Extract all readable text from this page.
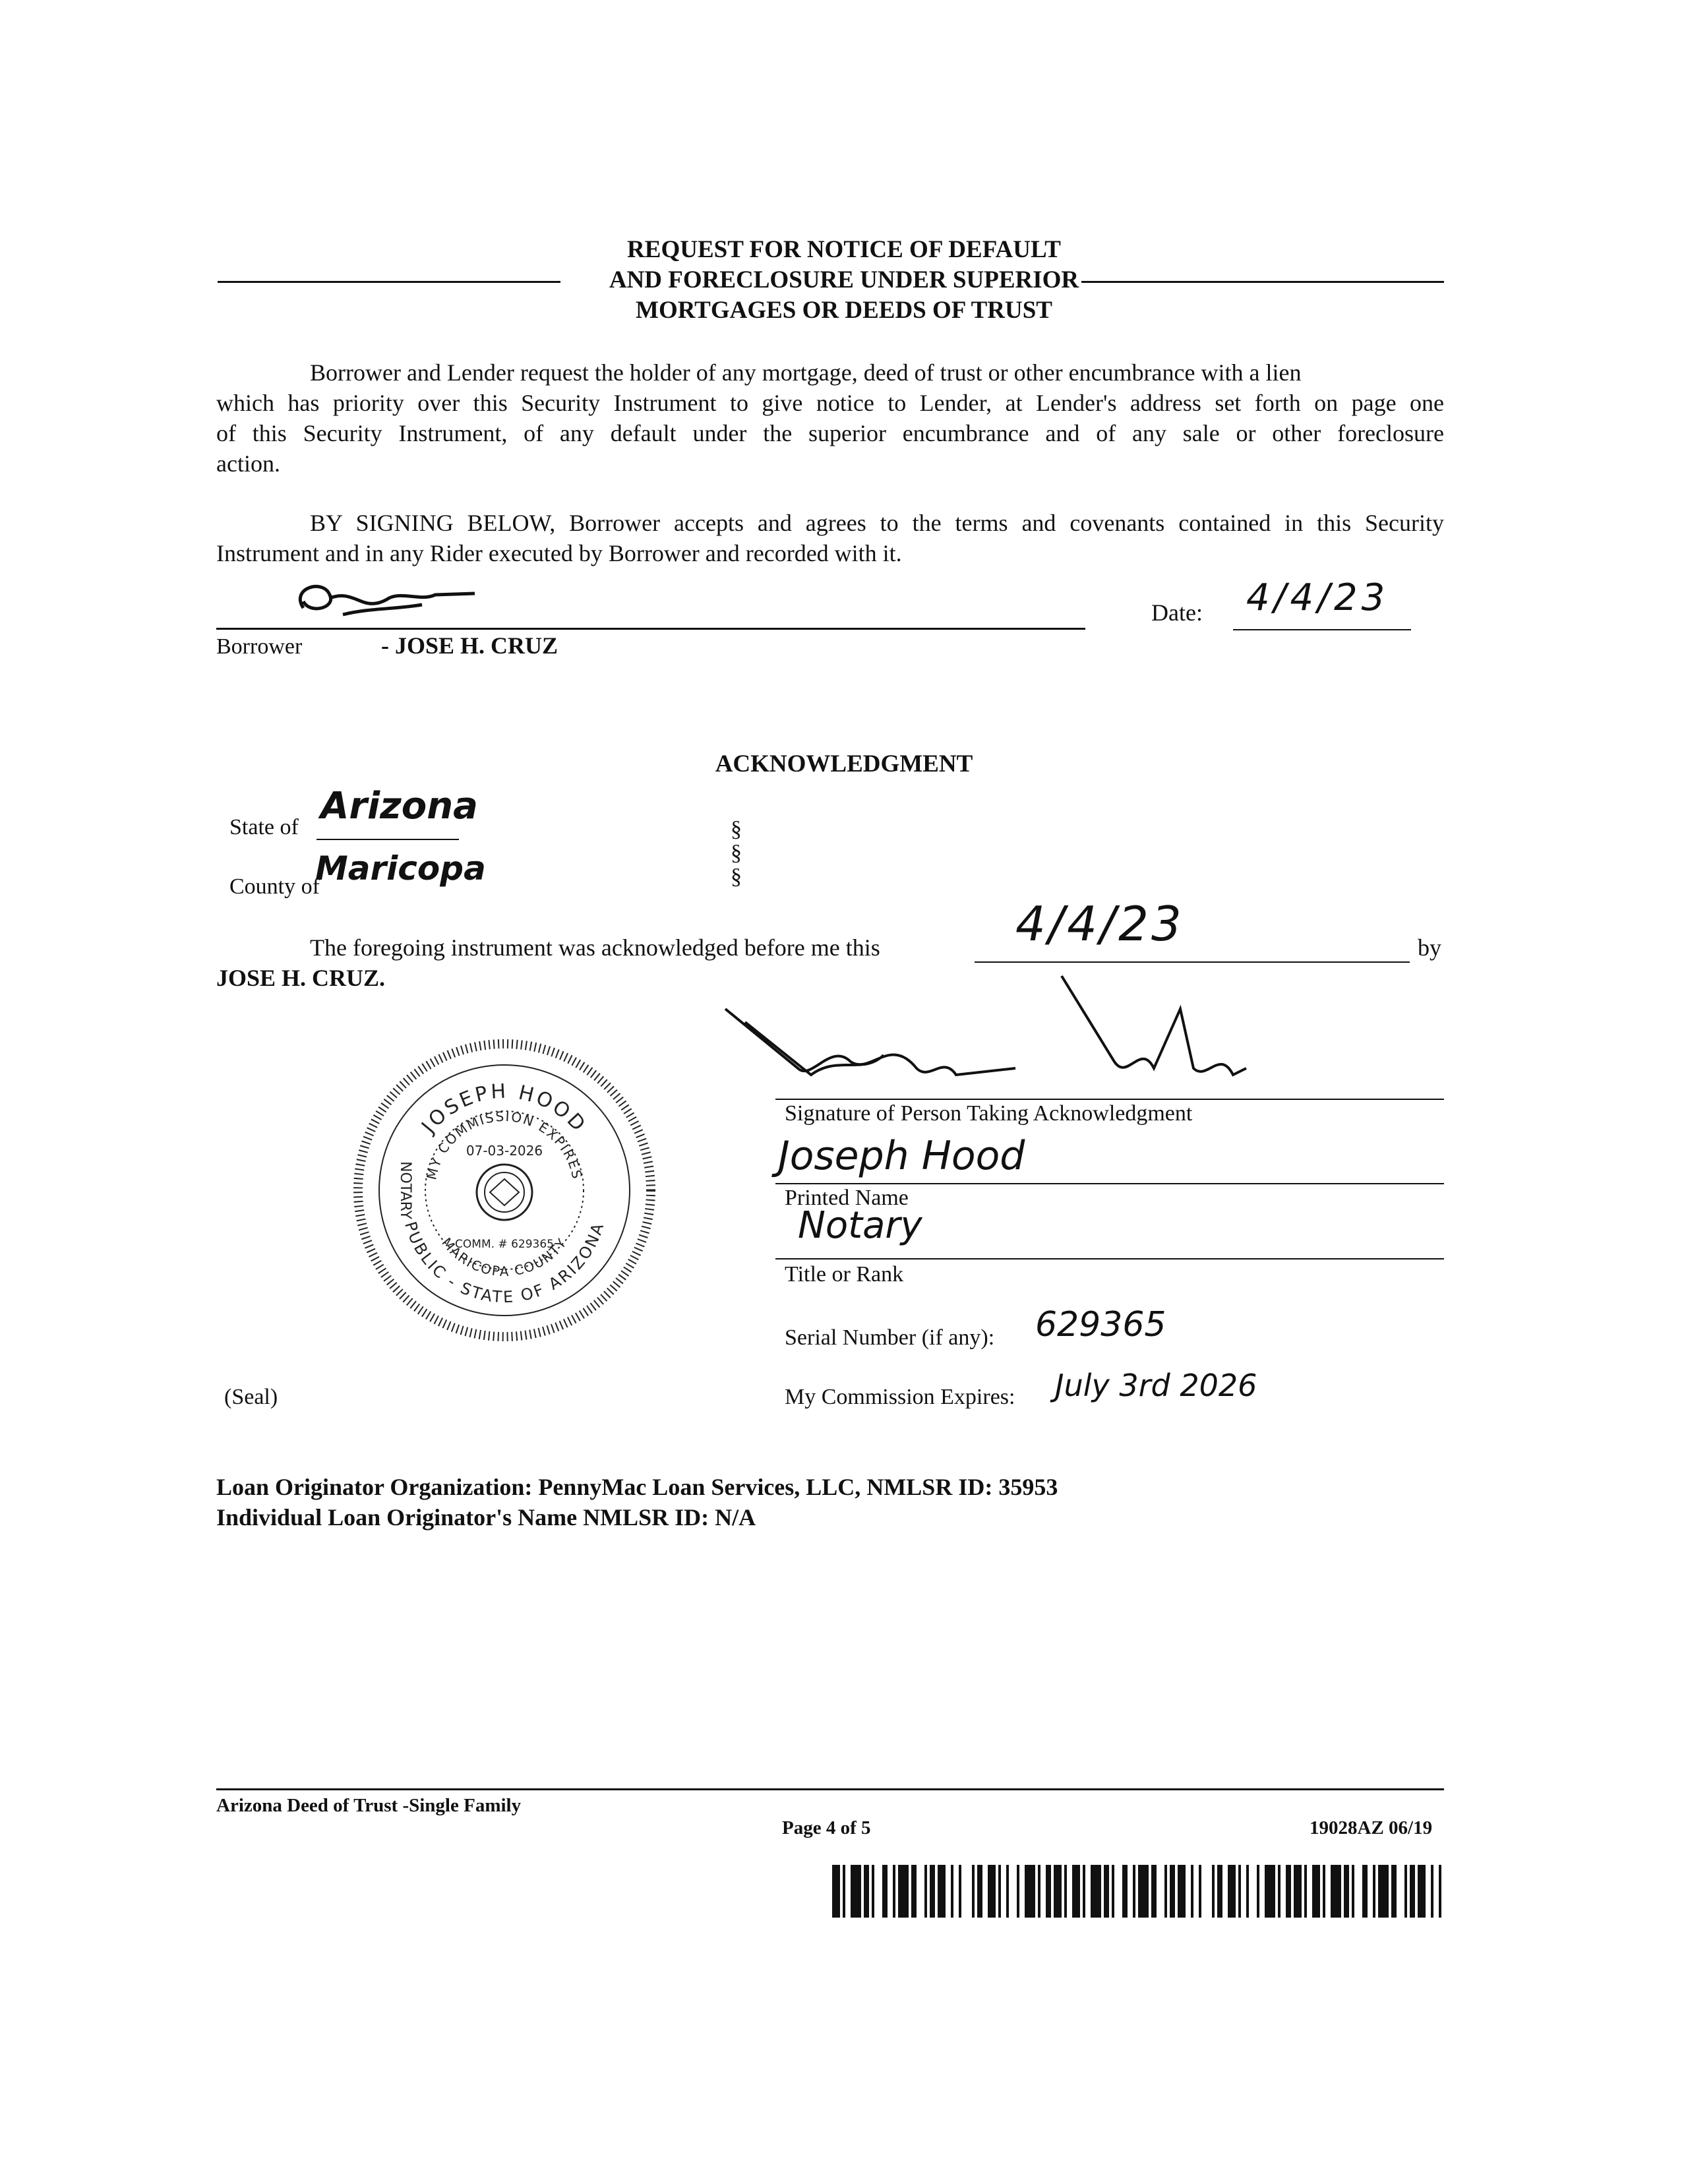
REQUEST FOR NOTICE OF DEFAULT
AND FORECLOSURE UNDER SUPERIOR
MORTGAGES OR DEEDS OF TRUST
Borrower and Lender request the holder of any mortgage, deed of trust or other encumbrance with a lien
which has priority over this Security Instrument to give notice to Lender, at Lender's address set forth on page one
of this Security Instrument, of any default under the superior encumbrance and of any sale or other foreclosure
action.
BY SIGNING BELOW, Borrower accepts and agrees to the terms and covenants contained in this Security
Instrument and in any Rider executed by Borrower and recorded with it.
Borrower	- JOSE H. CRUZ
Date: 4/4/23
ACKNOWLEDGMENT
State of Arizona
County of
Maricopa
§
§
§
The foregoing instrument was acknowledged before me this	4/4/23	by
JOSE H. CRUZ.
Signature of Person Taking Acknowledgment
Joseph Hood
Printed Name
Notary
Title or Rank
Serial Number (if any): 629365
My Commission Expires: July 3rd 2026
(Seal)
JOSEPH HOOD
MY COMMISSION EXPIRES
PUBLIC - STATE OF ARIZONA
MARICOPA COUNTY
07-03-2026
NOTARY
COMM. # 629365
Loan Originator Organization: PennyMac Loan Services, LLC, NMLSR ID: 35953
Individual Loan Originator's Name NMLSR ID: N/A
Arizona Deed of Trust -Single Family
Page 4 of 5	19028AZ 06/19
